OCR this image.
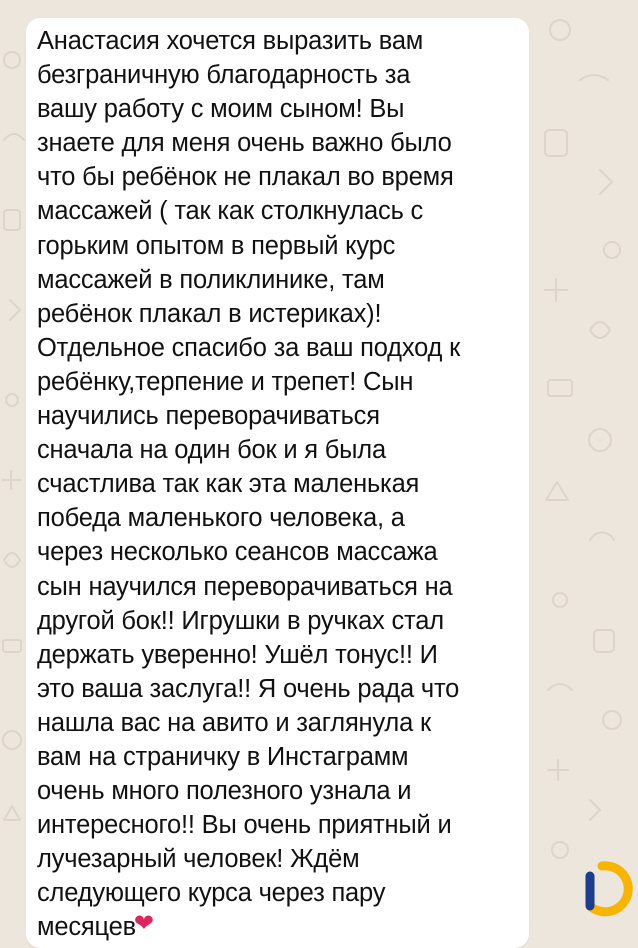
Анастасия хочется выразить вам
безграничную благодарность за
вашу работу с моим сыном! Вы
знаете для меня очень важно было
что бы ребёнок не плакал во время
массажей ( так как столкнулась с
горьким опытом в первый курс
массажей в поликлинике, там
ребёнок плакал в истериках)!
Отдельное спасибо за ваш подход к
ребёнку,терпение и трепет! Сын
научились переворачиваться
сначала на один бок и я была
счастлива так как эта маленькая
победа маленького человека, а
через несколько сеансов массажа
сын научился переворачиваться на
другой бок!! Игрушки в ручках стал
держать уверенно! Ушёл тонус!! И
это ваша заслуга!! Я очень рада что
нашла вас на авито и заглянула к
вам на страничку в Инстаграмм
очень много полезного узнала и
интересного!! Вы очень приятный и
лучезарный человек! Ждём
следующего курса через пару
месяцев❤
